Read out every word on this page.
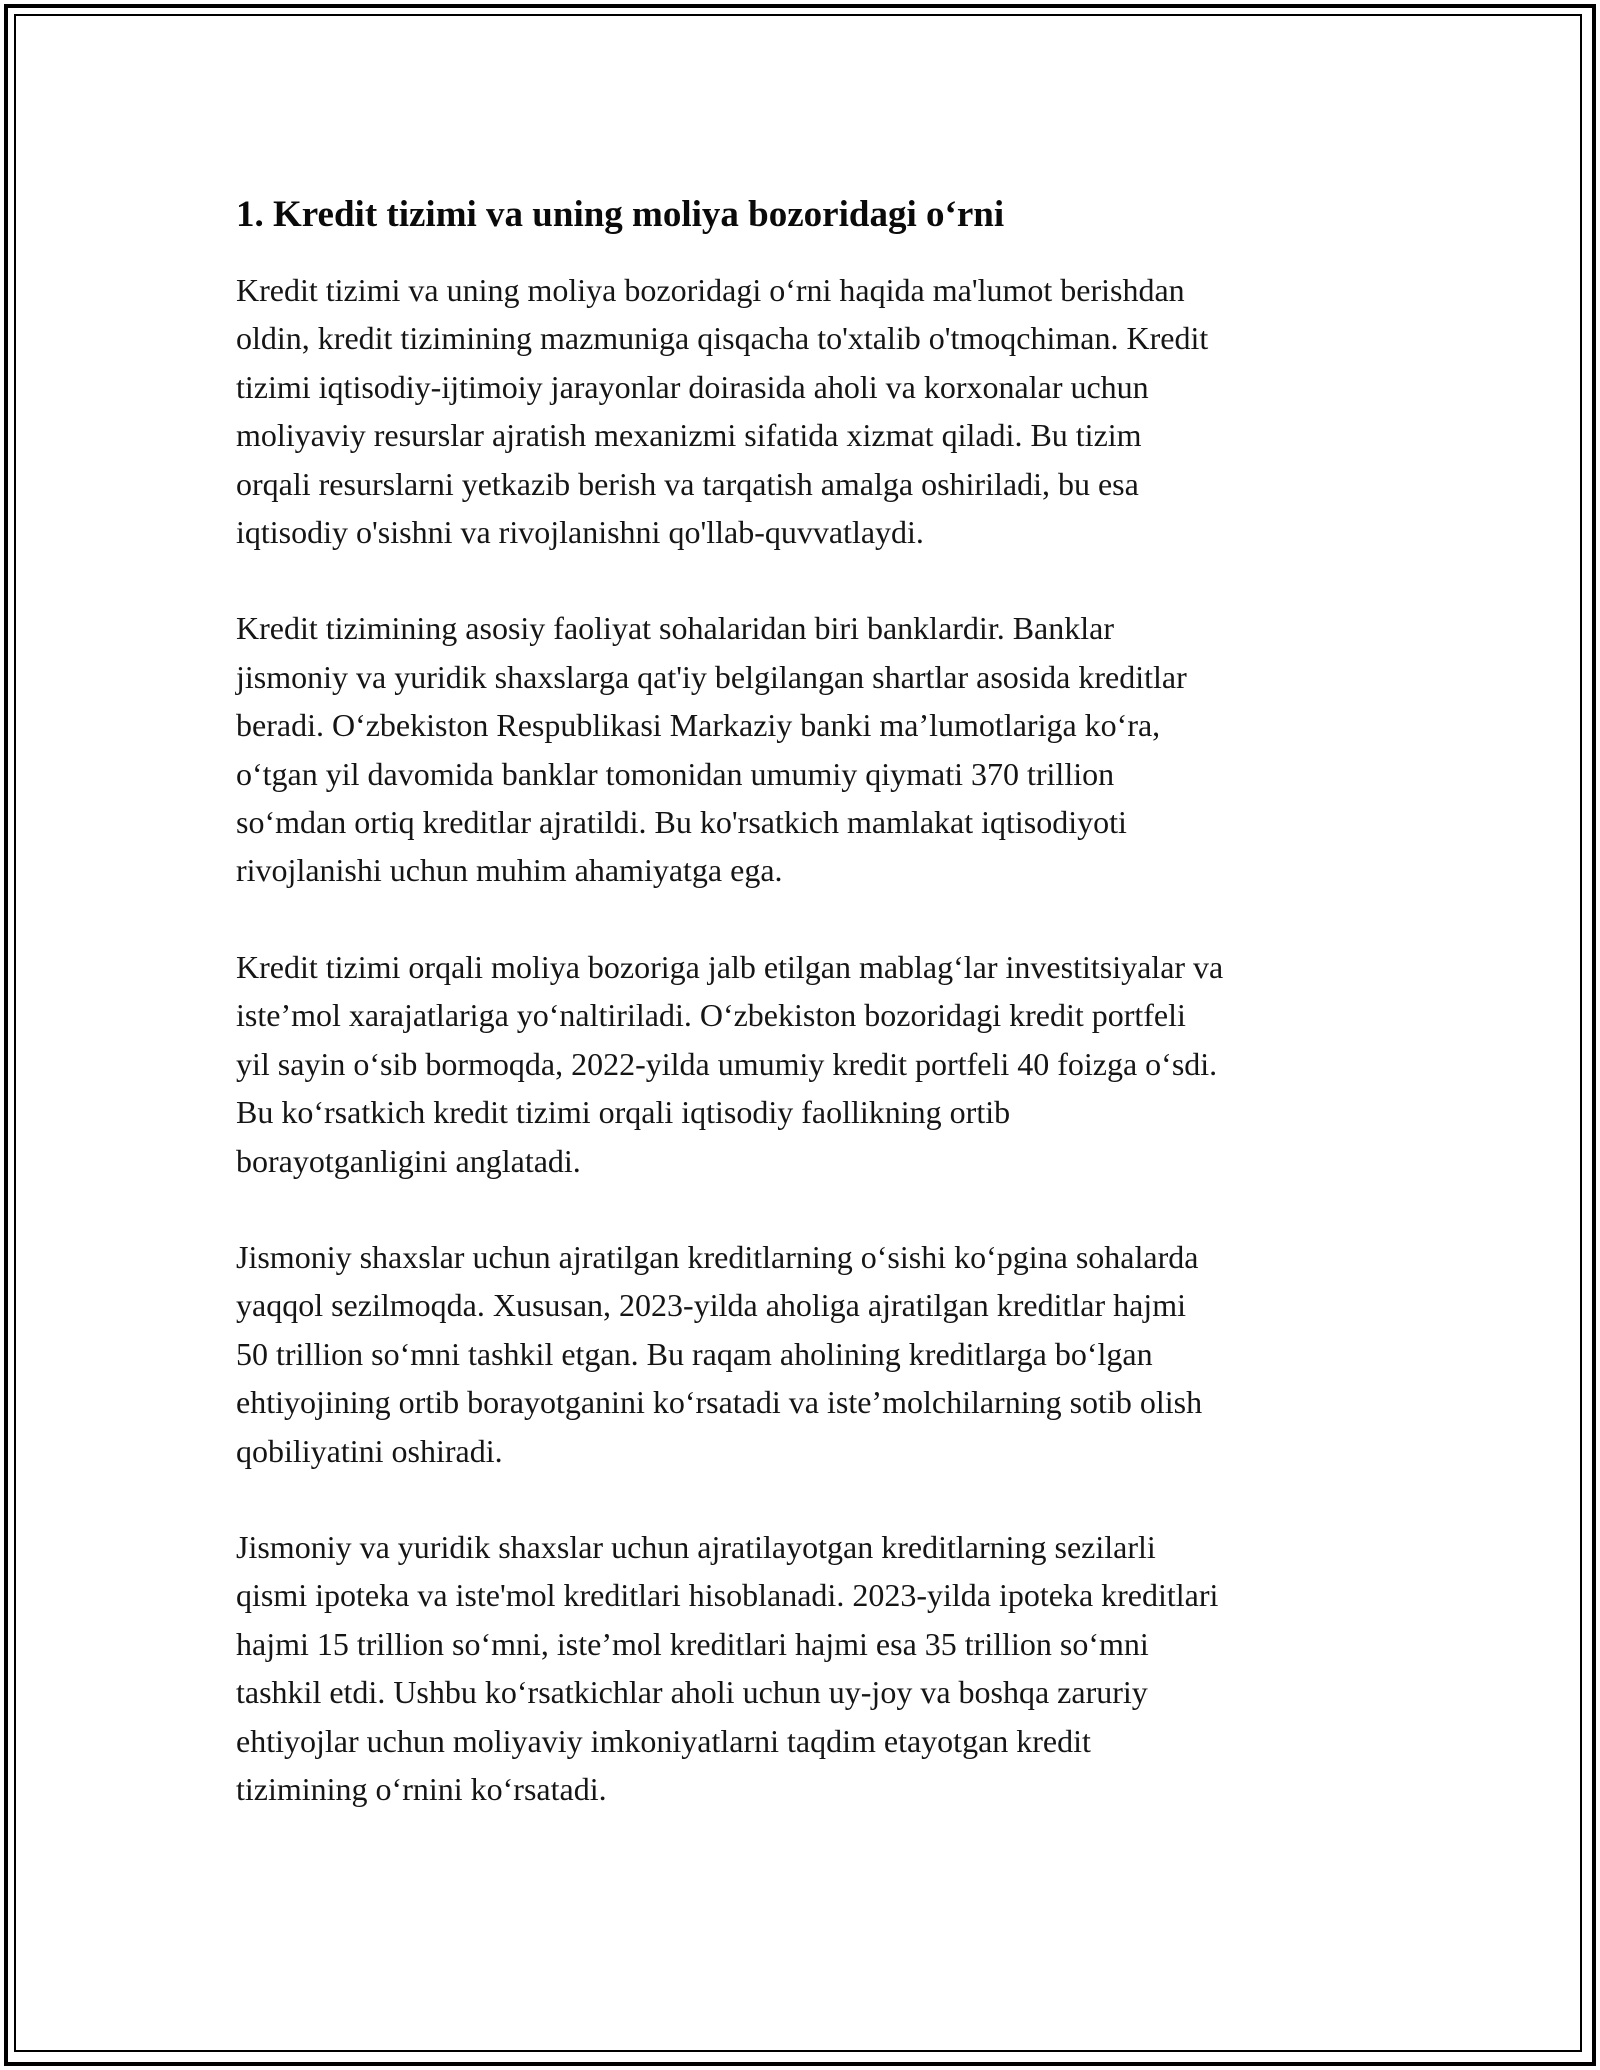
1. Kredit tizimi va uning moliya bozoridagi o‘rni

Kredit tizimi va uning moliya bozoridagi o‘rni haqida ma'lumot berishdan
oldin, kredit tizimining mazmuniga qisqacha to'xtalib o'tmoqchiman. Kredit
tizimi iqtisodiy-ijtimoiy jarayonlar doirasida aholi va korxonalar uchun
moliyaviy resurslar ajratish mexanizmi sifatida xizmat qiladi. Bu tizim
orqali resurslarni yetkazib berish va tarqatish amalga oshiriladi, bu esa
iqtisodiy o'sishni va rivojlanishni qo'llab-quvvatlaydi.

Kredit tizimining asosiy faoliyat sohalaridan biri banklardir. Banklar
jismoniy va yuridik shaxslarga qat'iy belgilangan shartlar asosida kreditlar
beradi. O‘zbekiston Respublikasi Markaziy banki ma’lumotlariga ko‘ra,
o‘tgan yil davomida banklar tomonidan umumiy qiymati 370 trillion
so‘mdan ortiq kreditlar ajratildi. Bu ko'rsatkich mamlakat iqtisodiyoti
rivojlanishi uchun muhim ahamiyatga ega.

Kredit tizimi orqali moliya bozoriga jalb etilgan mablag‘lar investitsiyalar va
iste’mol xarajatlariga yo‘naltiriladi. O‘zbekiston bozoridagi kredit portfeli
yil sayin o‘sib bormoqda, 2022-yilda umumiy kredit portfeli 40 foizga o‘sdi.
Bu ko‘rsatkich kredit tizimi orqali iqtisodiy faollikning ortib
borayotganligini anglatadi.

Jismoniy shaxslar uchun ajratilgan kreditlarning o‘sishi ko‘pgina sohalarda
yaqqol sezilmoqda. Xususan, 2023-yilda aholiga ajratilgan kreditlar hajmi
50 trillion so‘mni tashkil etgan. Bu raqam aholining kreditlarga bo‘lgan
ehtiyojining ortib borayotganini ko‘rsatadi va iste’molchilarning sotib olish
qobiliyatini oshiradi.

Jismoniy va yuridik shaxslar uchun ajratilayotgan kreditlarning sezilarli
qismi ipoteka va iste'mol kreditlari hisoblanadi. 2023-yilda ipoteka kreditlari
hajmi 15 trillion so‘mni, iste’mol kreditlari hajmi esa 35 trillion so‘mni
tashkil etdi. Ushbu ko‘rsatkichlar aholi uchun uy-joy va boshqa zaruriy
ehtiyojlar uchun moliyaviy imkoniyatlarni taqdim etayotgan kredit
tizimining o‘rnini ko‘rsatadi.
